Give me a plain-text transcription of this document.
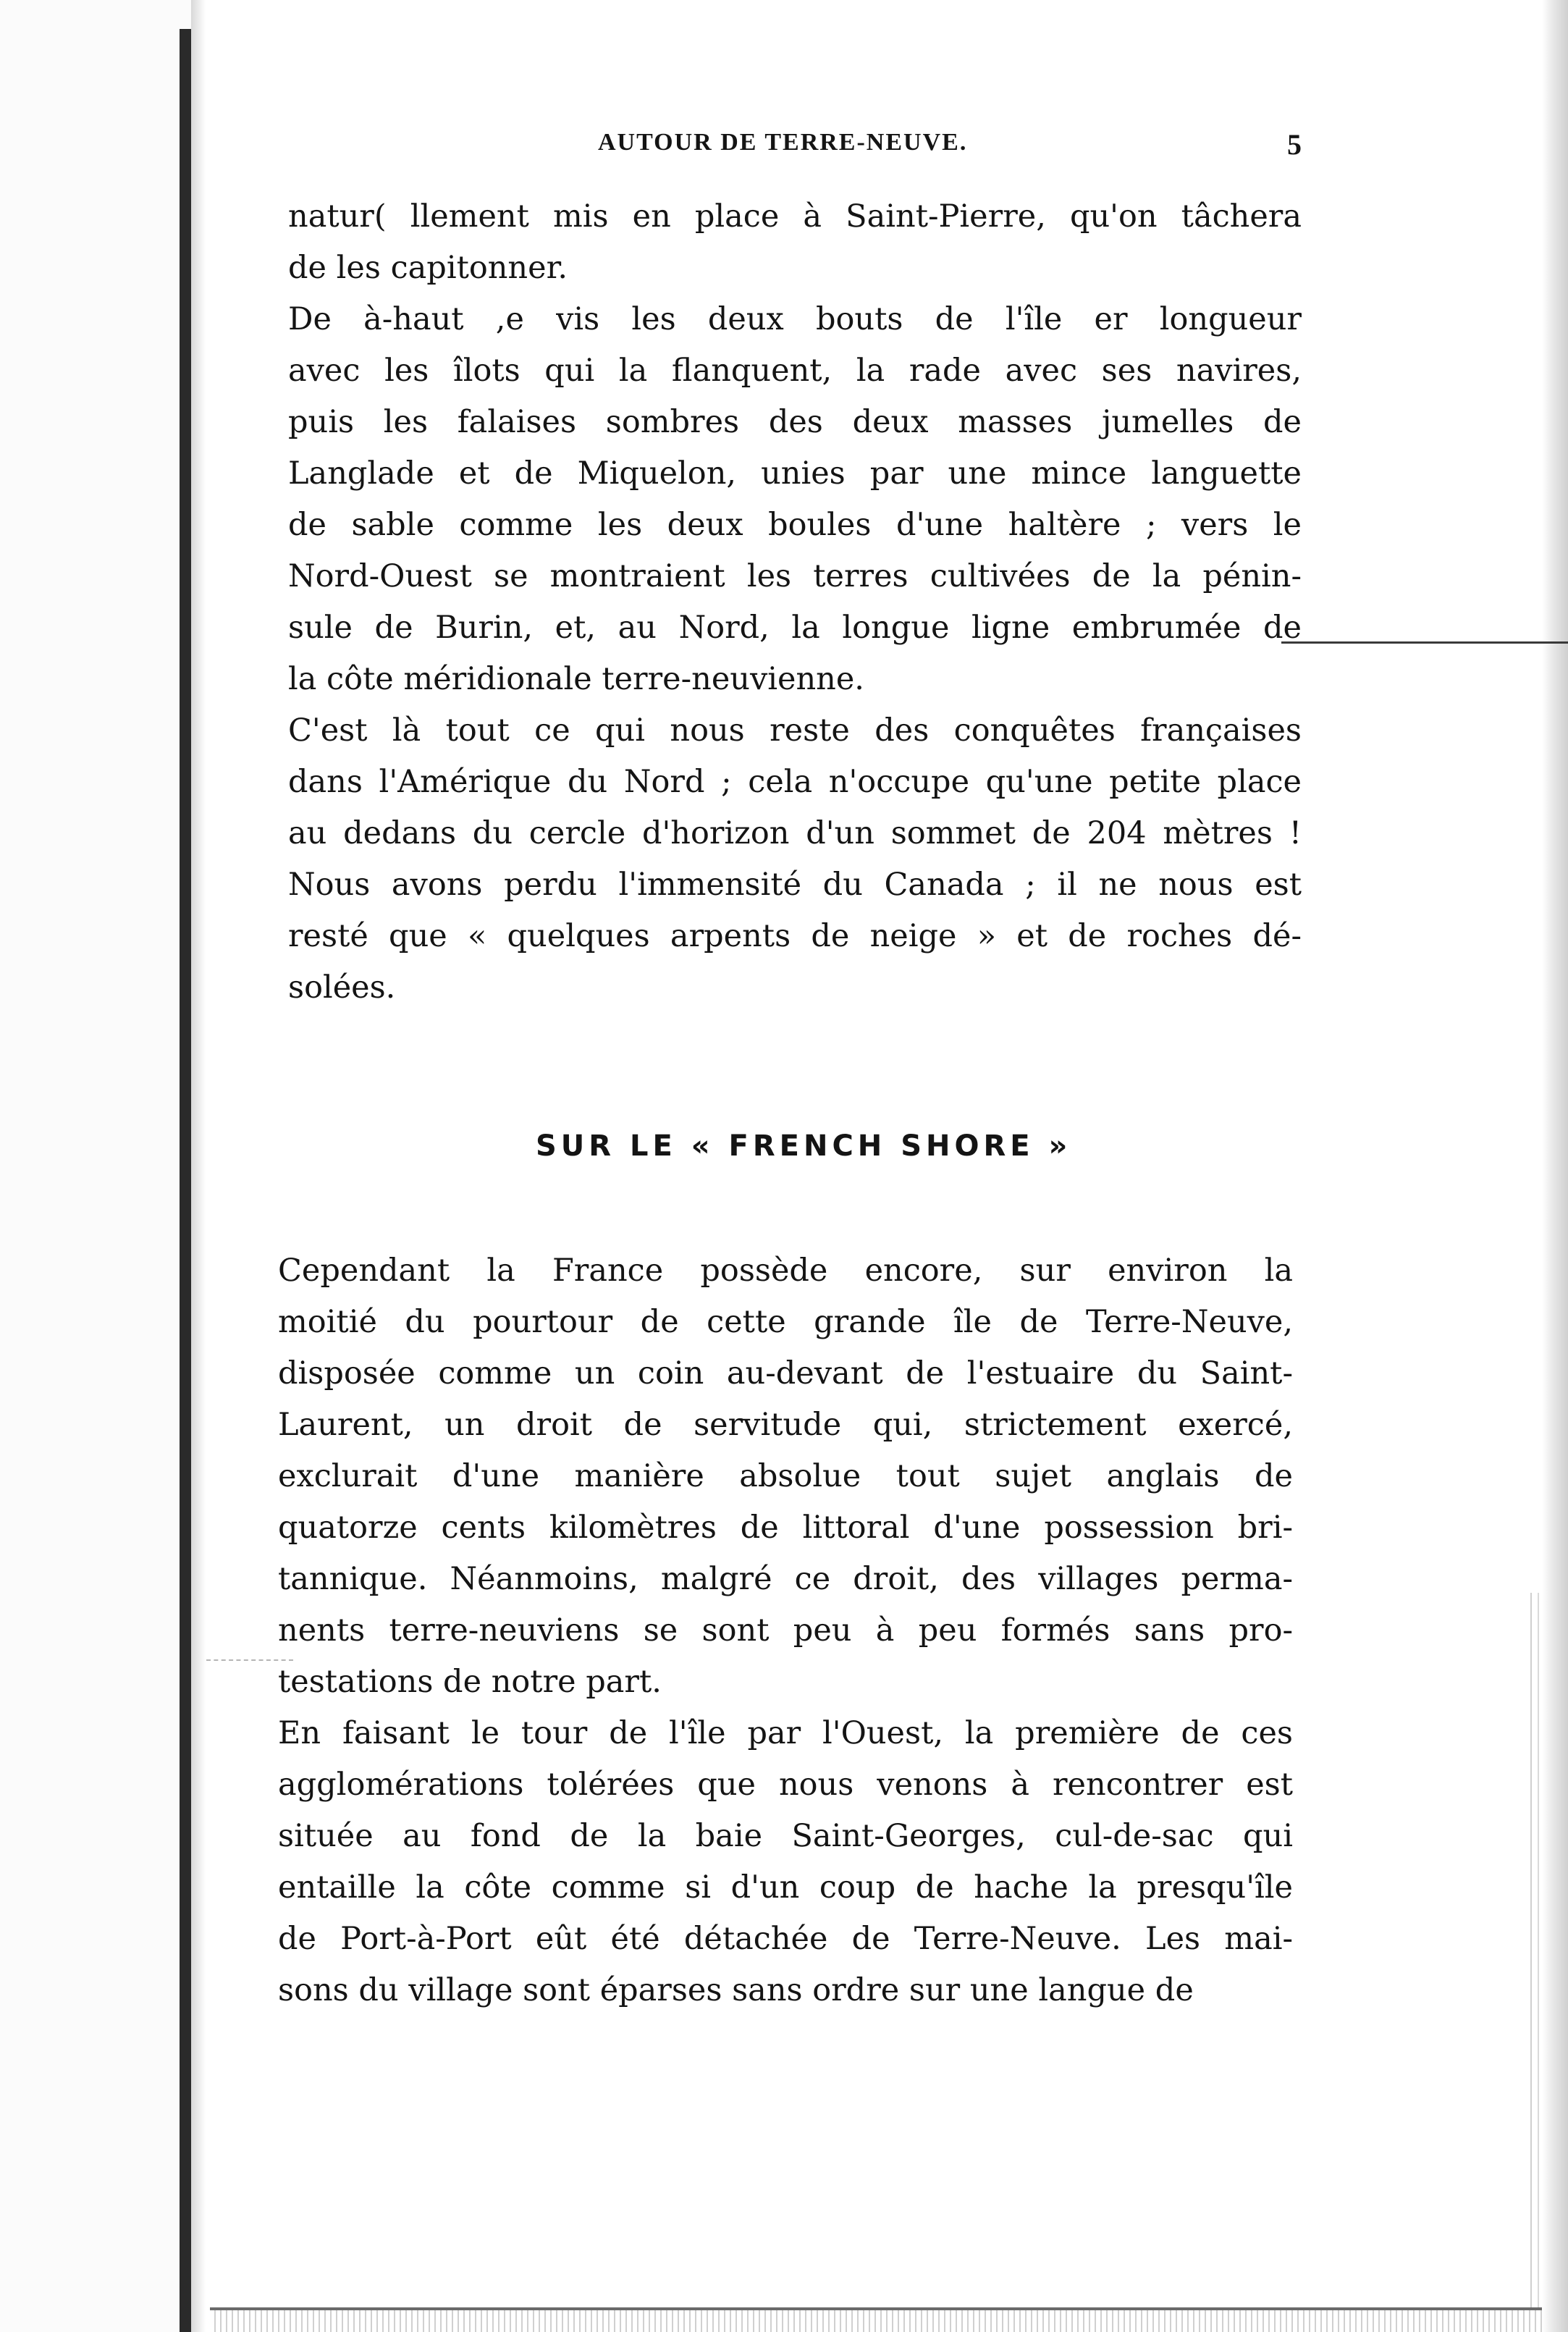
AUTOUR DE TERRE-NEUVE.	5
natur( llement mis en place à Saint-Pierre, qu'on tâchera
de les capitonner.
De à-haut ,e vis les deux bouts de l'île er longueur
avec les îlots qui la flanquent, la rade avec ses navires,
puis les falaises sombres des deux masses jumelles de
Langlade et de Miquelon, unies par une mince languette
de sable comme les deux boules d'une haltère ; vers le
Nord-Ouest se montraient les terres cultivées de la pénin-
sule de Burin, et, au Nord, la longue ligne embrumée de
la côte méridionale terre-neuvienne.
C'est là tout ce qui nous reste des conquêtes françaises
dans l'Amérique du Nord ; cela n'occupe qu'une petite place
au dedans du cercle d'horizon d'un sommet de 204 mètres !
Nous avons perdu l'immensité du Canada ; il ne nous est
resté que « quelques arpents de neige » et de roches dé-
solées.
SUR LE « FRENCH SHORE »
Cependant la France possède encore, sur environ la
moitié du pourtour de cette grande île de Terre-Neuve,
disposée comme un coin au-devant de l'estuaire du Saint-
Laurent, un droit de servitude qui, strictement exercé,
exclurait d'une manière absolue tout sujet anglais de
quatorze cents kilomètres de littoral d'une possession bri-
tannique. Néanmoins, malgré ce droit, des villages perma-
nents terre-neuviens se sont peu à peu formés sans pro-
testations de notre part.
En faisant le tour de l'île par l'Ouest, la première de ces
agglomérations tolérées que nous venons à rencontrer est
située au fond de la baie Saint-Georges, cul-de-sac qui
entaille la côte comme si d'un coup de hache la presqu'île
de Port-à-Port eût été détachée de Terre-Neuve. Les mai-
sons du village sont éparses sans ordre sur une langue de
